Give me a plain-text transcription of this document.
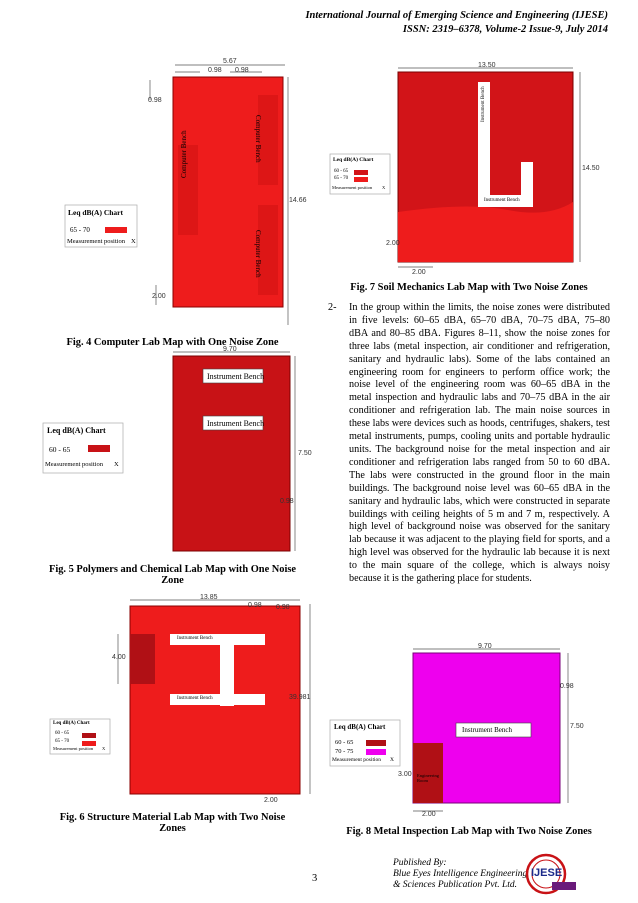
International Journal of Emerging Science and Engineering (IJESE)
ISSN: 2319–6378, Volume-2 Issue-9, July 2014
5.67
0.98 0.98
0.98
14.66
2.00
Computer Bench	Computer Bench
Computer Bench
Leq dB(A) Chart
65 - 70
Measurement position X
Fig. 4 Computer Lab Map with One Noise Zone
9.70
7.50
0.98
Instrument Bench
Instrument Bench
Leq dB(A) Chart
60 - 65
Measurement position X
Fig. 5 Polymers and Chemical Lab Map with One Noise
Zone
13.85
0.98 0.98
4.00
39.981
2.00
Instrument Bench
Instrument Bench
Leq dB(A) Chart
60 - 65
65 - 70
Measurement position X
Fig. 6 Structure Material Lab Map with Two Noise
Zones
13.50
14.50
2.00
2.00
Instrument Bench
Instrument Bench
Leq dB(A) Chart
60 - 65
65 - 70
Measurement position X
Fig. 7 Soil Mechanics Lab Map with Two Noise Zones
2- In the group within the limits, the noise zones were distributed in five levels: 60–65 dBA, 65–70 dBA, 70–75 dBA, 75–80 dBA and 80–85 dBA. Figures 8–11, show the noise zones for three labs (metal inspection, air conditioner and refrigeration, sanitary and hydraulic labs). Some of the labs contained an engineering room for engineers to perform office work; the noise level of the engineering room was 60–65 dBA in the metal inspection and hydraulic labs and 70–75 dBA in the air conditioner and refrigeration lab. The main noise sources in these labs were devices such as hoods, centrifuges, shakers, test metal instruments, pumps, cooling units and portable hydraulic units. The background noise for the metal inspection and air conditioner and refrigeration labs ranged from 50 to 60 dBA. The labs were constructed in the ground floor in the main buildings. The background noise level was 60–65 dBA in the sanitary and hydraulic labs, which were constructed in separate buildings with ceiling heights of 5 m and 7 m, respectively. A high level of background noise was observed for the sanitary lab because it was adjacent to the playing field for sports, and a high level was observed for the hydraulic lab because it is next to the main square of the college, which is always noisy because it is the gathering place for students.
9.70
7.50
0.98
3.00
2.00
Instrument Bench
Engineering Room
Leq dB(A) Chart
60 - 65
70 - 75
Measurement position X
Fig. 8 Metal Inspection Lab Map with Two Noise Zones
3
Published By:
Blue Eyes Intelligence Engineering
& Sciences Publication Pvt. Ltd.
IJESE
